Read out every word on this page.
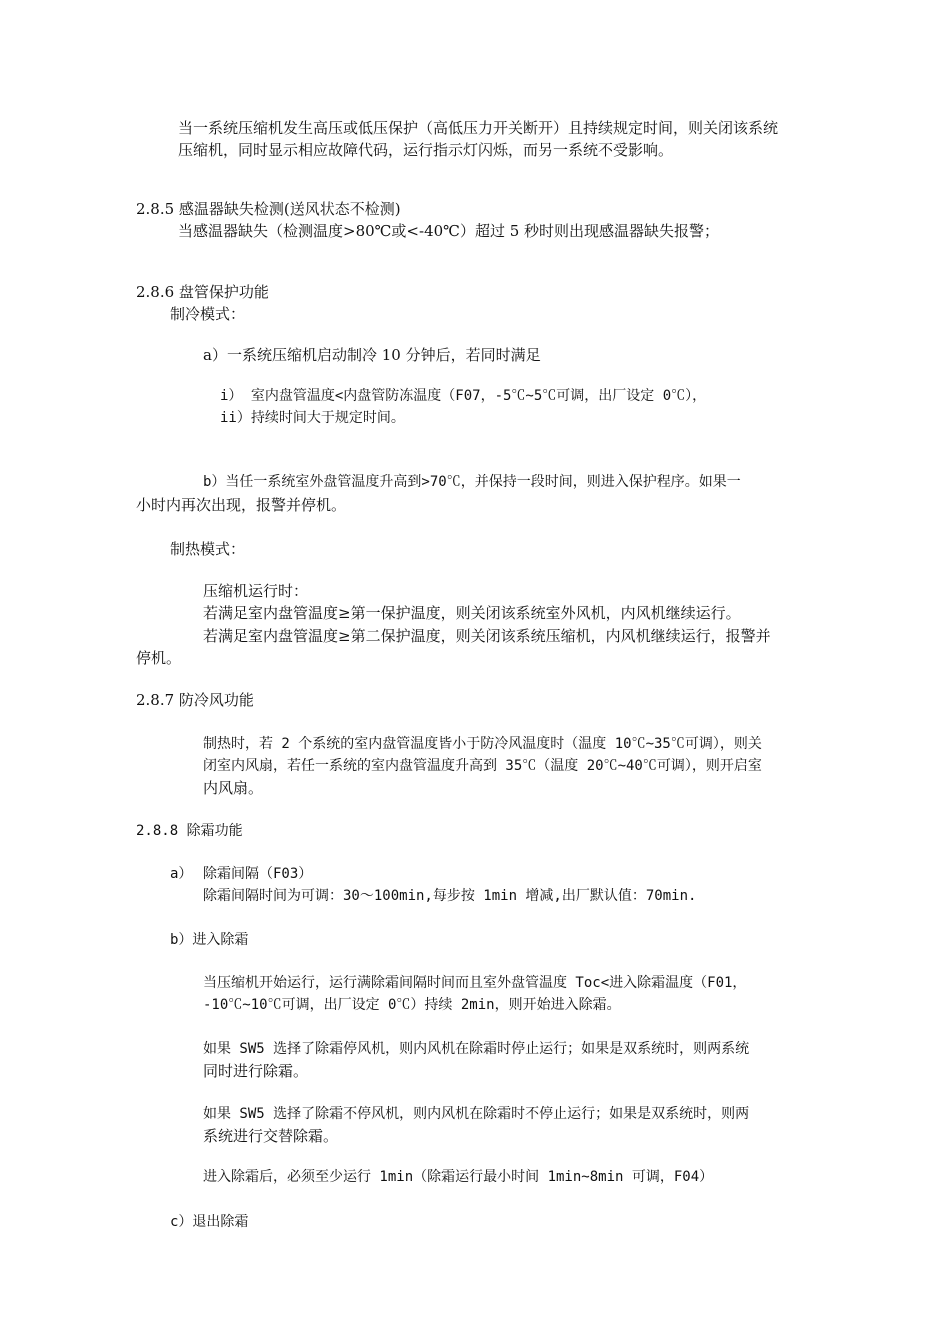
当一系统压缩机发生高压或低压保护（高低压力开关断开）且持续规定时间，则关闭该系统
压缩机，同时显示相应故障代码，运行指示灯闪烁，而另一系统不受影响。
2.8.5 感温器缺失检测(送风状态不检测)
当感温器缺失（检测温度>80℃或<-40℃）超过 5 秒时则出现感温器缺失报警；
2.8.6 盘管保护功能
制冷模式：
a）一系统压缩机启动制冷 10 分钟后，若同时满足
i） 室内盘管温度<内盘管防冻温度（F07，-5℃~5℃可调，出厂设定 0℃），
ii）持续时间大于规定时间。
b）当任一系统室外盘管温度升高到>70℃，并保持一段时间，则进入保护程序。如果一
小时内再次出现，报警并停机。
制热模式：
压缩机运行时：
若满足室内盘管温度≥第一保护温度，则关闭该系统室外风机，内风机继续运行。
若满足室内盘管温度≥第二保护温度，则关闭该系统压缩机，内风机继续运行，报警并
停机。
2.8.7 防冷风功能
制热时，若 2 个系统的室内盘管温度皆小于防冷风温度时（温度 10℃~35℃可调），则关
闭室内风扇，若任一系统的室内盘管温度升高到 35℃（温度 20℃~40℃可调），则开启室
内风扇。
2.8.8 除霜功能
a） 除霜间隔（F03）
除霜间隔时间为可调：30～100min,每步按 1min 增减,出厂默认值：70min.
b）进入除霜
当压缩机开始运行，运行满除霜间隔时间而且室外盘管温度 Toc<进入除霜温度（F01，
-10℃~10℃可调，出厂设定 0℃）持续 2min，则开始进入除霜。
如果 SW5 选择了除霜停风机，则内风机在除霜时停止运行；如果是双系统时，则两系统
同时进行除霜。
如果 SW5 选择了除霜不停风机，则内风机在除霜时不停止运行；如果是双系统时，则两
系统进行交替除霜。
进入除霜后，必须至少运行 1min（除霜运行最小时间 1min~8min 可调，F04）
c）退出除霜
